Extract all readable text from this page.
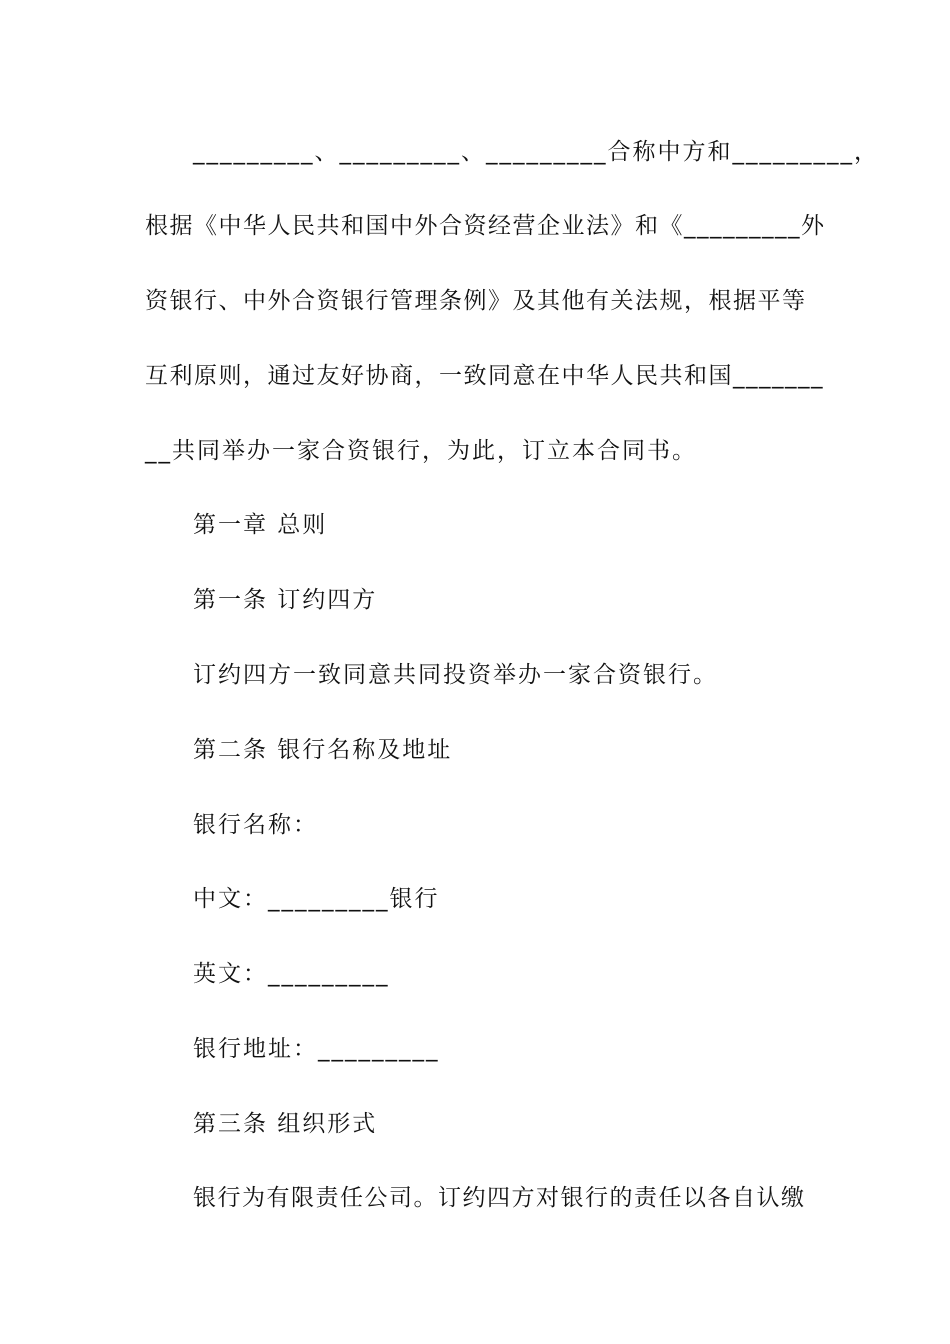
_________、_________、_________合称中方和_________，
根据《中华人民共和国中外合资经营企业法》和《_________外
资银行、中外合资银行管理条例》及其他有关法规，根据平等
互利原则，通过友好协商，一致同意在中华人民共和国_______
__共同举办一家合资银行，为此，订立本合同书。
第一章 总则
第一条 订约四方
订约四方一致同意共同投资举办一家合资银行。
第二条 银行名称及地址
银行名称：
中文：_________银行
英文：_________
银行地址：_________
第三条 组织形式
银行为有限责任公司。订约四方对银行的责任以各自认缴
